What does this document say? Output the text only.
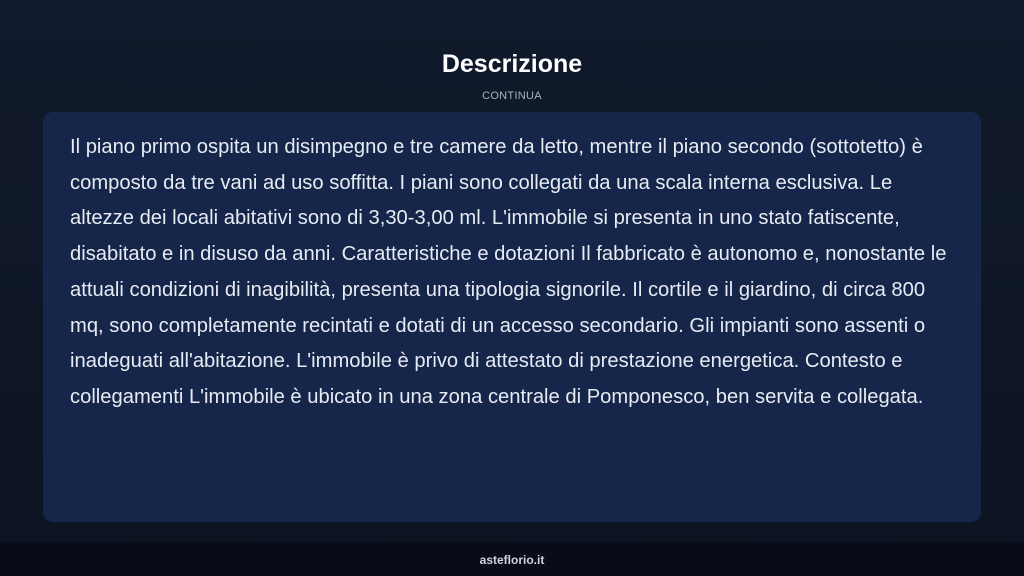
Descrizione
CONTINUA

Il piano primo ospita un disimpegno e tre camere da letto, mentre il piano secondo (sottotetto) è composto da tre vani ad uso soffitta. I piani sono collegati da una scala interna esclusiva. Le altezze dei locali abitativi sono di 3,30-3,00 ml. L'immobile si presenta in uno stato fatiscente, disabitato e in disuso da anni. Caratteristiche e dotazioni Il fabbricato è autonomo e, nonostante le attuali condizioni di inagibilità, presenta una tipologia signorile. Il cortile e il giardino, di circa 800 mq, sono completamente recintati e dotati di un accesso secondario. Gli impianti sono assenti o inadeguati all'abitazione. L'immobile è privo di attestato di prestazione energetica. Contesto e collegamenti L'immobile è ubicato in una zona centrale di Pomponesco, ben servita e collegata.

asteflorio.it
